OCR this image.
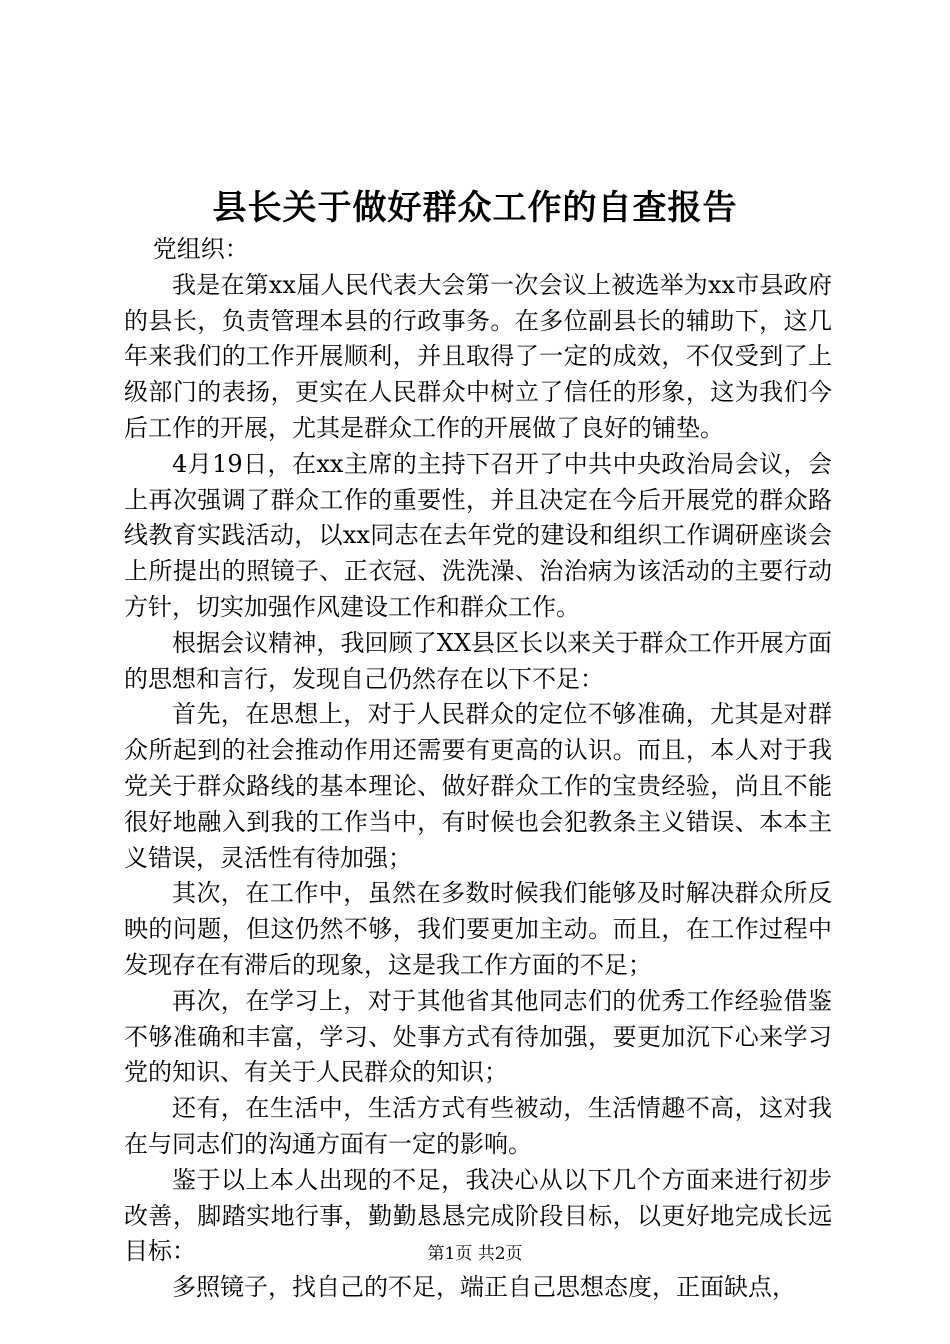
县长关于做好群众工作的自查报告

党组织：

我是在第xx届人民代表大会第一次会议上被选举为xx市县政府的县长，负责管理本县的行政事务。在多位副县长的辅助下，这几年来我们的工作开展顺利，并且取得了一定的成效，不仅受到了上级部门的表扬，更实在人民群众中树立了信任的形象，这为我们今后工作的开展，尤其是群众工作的开展做了良好的铺垫。

4月19日，在xx主席的主持下召开了中共中央政治局会议，会上再次强调了群众工作的重要性，并且决定在今后开展党的群众路线教育实践活动，以xx同志在去年党的建设和组织工作调研座谈会上所提出的照镜子、正衣冠、洗洗澡、治治病为该活动的主要行动方针，切实加强作风建设工作和群众工作。

根据会议精神，我回顾了XX县区长以来关于群众工作开展方面的思想和言行，发现自己仍然存在以下不足：

首先，在思想上，对于人民群众的定位不够准确，尤其是对群众所起到的社会推动作用还需要有更高的认识。而且，本人对于我党关于群众路线的基本理论、做好群众工作的宝贵经验，尚且不能很好地融入到我的工作当中，有时候也会犯教条主义错误、本本主义错误，灵活性有待加强；

其次，在工作中，虽然在多数时候我们能够及时解决群众所反映的问题，但这仍然不够，我们要更加主动。而且，在工作过程中发现存在有滞后的现象，这是我工作方面的不足；

再次，在学习上，对于其他省其他同志们的优秀工作经验借鉴不够准确和丰富，学习、处事方式有待加强，要更加沉下心来学习党的知识、有关于人民群众的知识；

还有，在生活中，生活方式有些被动，生活情趣不高，这对我在与同志们的沟通方面有一定的影响。

鉴于以上本人出现的不足，我决心从以下几个方面来进行初步改善，脚踏实地行事，勤勤恳恳完成阶段目标，以更好地完成长远目标：

多照镜子，找自己的不足，端正自己思想态度，正面缺点，

第1页 共2页
